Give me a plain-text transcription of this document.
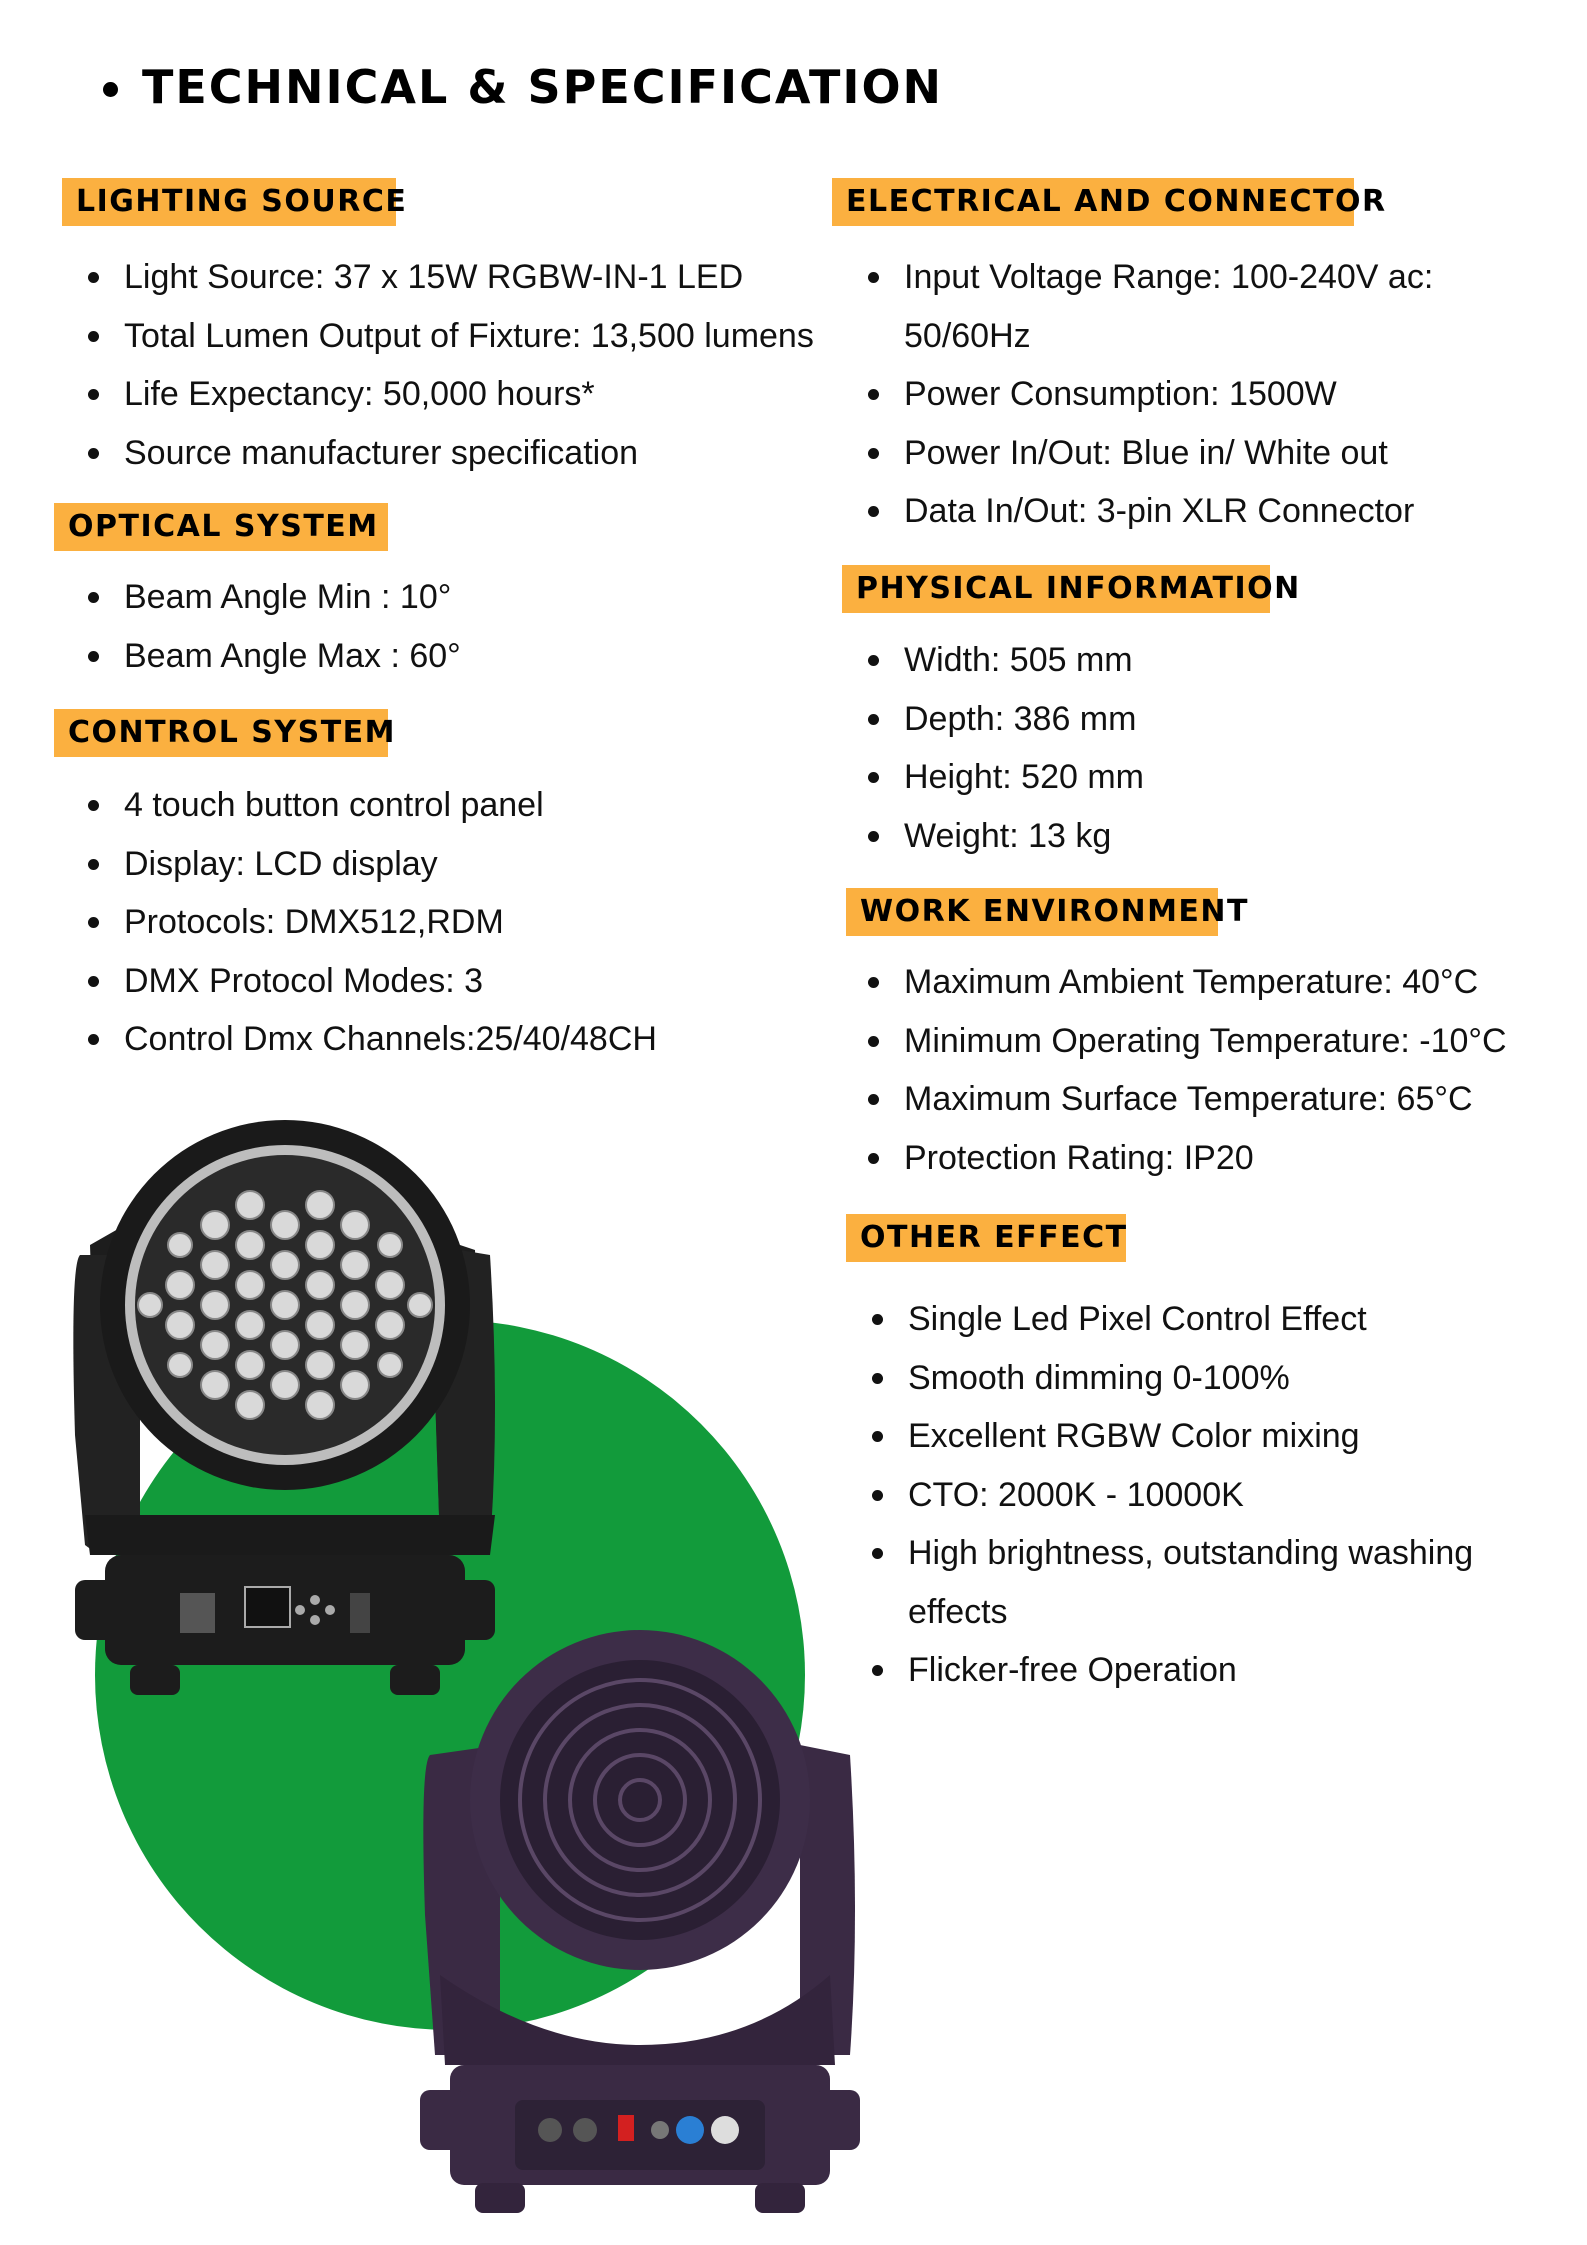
TECHNICAL & SPECIFICATION
LIGHTING SOURCE
Light Source: 37 x 15W RGBW-IN-1 LED
Total Lumen Output of Fixture: 13,500 lumens
Life Expectancy: 50,000 hours*
Source manufacturer specification
OPTICAL SYSTEM
Beam Angle Min : 10°
Beam Angle Max : 60°
CONTROL SYSTEM
4 touch button control panel
Display: LCD display
Protocols: DMX512,RDM
DMX Protocol Modes: 3
Control Dmx Channels:25/40/48CH
ELECTRICAL AND CONNECTOR
Input Voltage Range: 100-240V ac:
50/60Hz
Power Consumption: 1500W
Power In/Out: Blue in/ White out
Data In/Out: 3-pin XLR Connector
PHYSICAL INFORMATION
Width: 505 mm
Depth: 386 mm
Height: 520 mm
Weight: 13 kg
WORK ENVIRONMENT
Maximum Ambient Temperature: 40°C
Minimum Operating Temperature: -10°C
Maximum Surface Temperature: 65°C
Protection Rating: IP20
OTHER EFFECT
Single Led Pixel Control Effect
Smooth dimming 0-100%
Excellent RGBW Color mixing
CTO: 2000K - 10000K
High brightness, outstanding washing
effects
Flicker-free Operation
